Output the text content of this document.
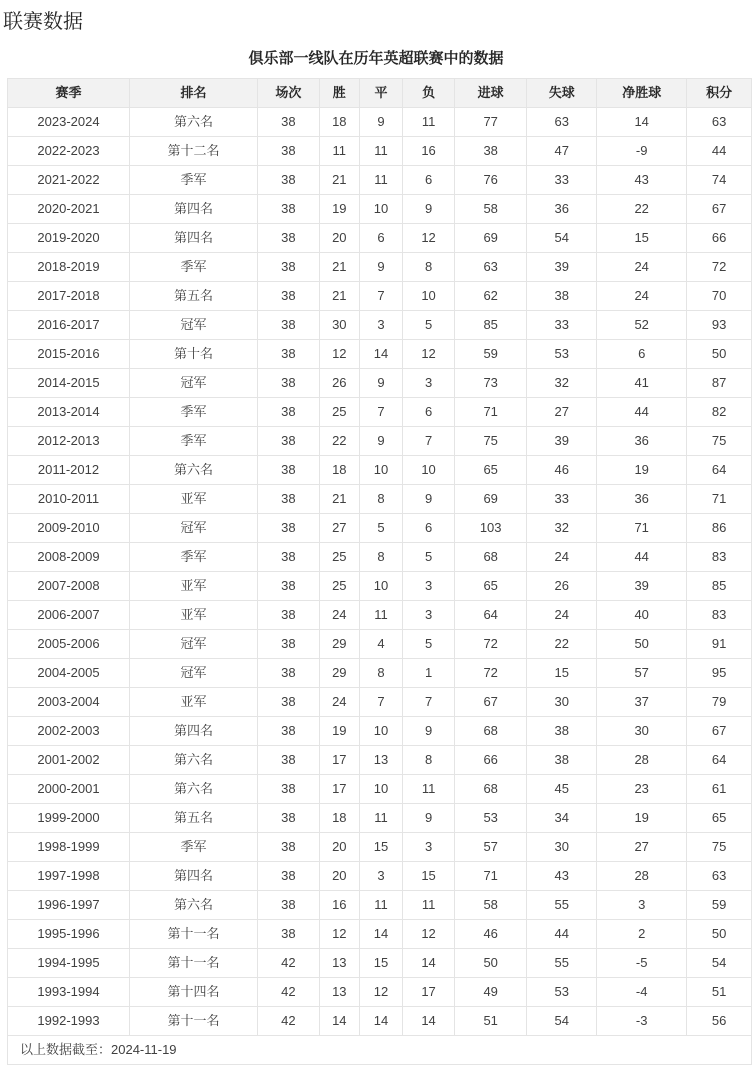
联赛数据
俱乐部一线队在历年英超联赛中的数据
赛季	排名	场次	胜	平	负	进球	失球	净胜球	积分
2023-2024	第六名	38	18	9	11	77	63	14	63
2022-2023	第十二名	38	11	11	16	38	47	-9	44
2021-2022	季军	38	21	11	6	76	33	43	74
2020-2021	第四名	38	19	10	9	58	36	22	67
2019-2020	第四名	38	20	6	12	69	54	15	66
2018-2019	季军	38	21	9	8	63	39	24	72
2017-2018	第五名	38	21	7	10	62	38	24	70
2016-2017	冠军	38	30	3	5	85	33	52	93
2015-2016	第十名	38	12	14	12	59	53	6	50
2014-2015	冠军	38	26	9	3	73	32	41	87
2013-2014	季军	38	25	7	6	71	27	44	82
2012-2013	季军	38	22	9	7	75	39	36	75
2011-2012	第六名	38	18	10	10	65	46	19	64
2010-2011	亚军	38	21	8	9	69	33	36	71
2009-2010	冠军	38	27	5	6	103	32	71	86
2008-2009	季军	38	25	8	5	68	24	44	83
2007-2008	亚军	38	25	10	3	65	26	39	85
2006-2007	亚军	38	24	11	3	64	24	40	83
2005-2006	冠军	38	29	4	5	72	22	50	91
2004-2005	冠军	38	29	8	1	72	15	57	95
2003-2004	亚军	38	24	7	7	67	30	37	79
2002-2003	第四名	38	19	10	9	68	38	30	67
2001-2002	第六名	38	17	13	8	66	38	28	64
2000-2001	第六名	38	17	10	11	68	45	23	61
1999-2000	第五名	38	18	11	9	53	34	19	65
1998-1999	季军	38	20	15	3	57	30	27	75
1997-1998	第四名	38	20	3	15	71	43	28	63
1996-1997	第六名	38	16	11	11	58	55	3	59
1995-1996	第十一名	38	12	14	12	46	44	2	50
1994-1995	第十一名	42	13	15	14	50	55	-5	54
1993-1994	第十四名	42	13	12	17	49	53	-4	51
1992-1993	第十一名	42	14	14	14	51	54	-3	56
以上数据截至：2024-11-19									
